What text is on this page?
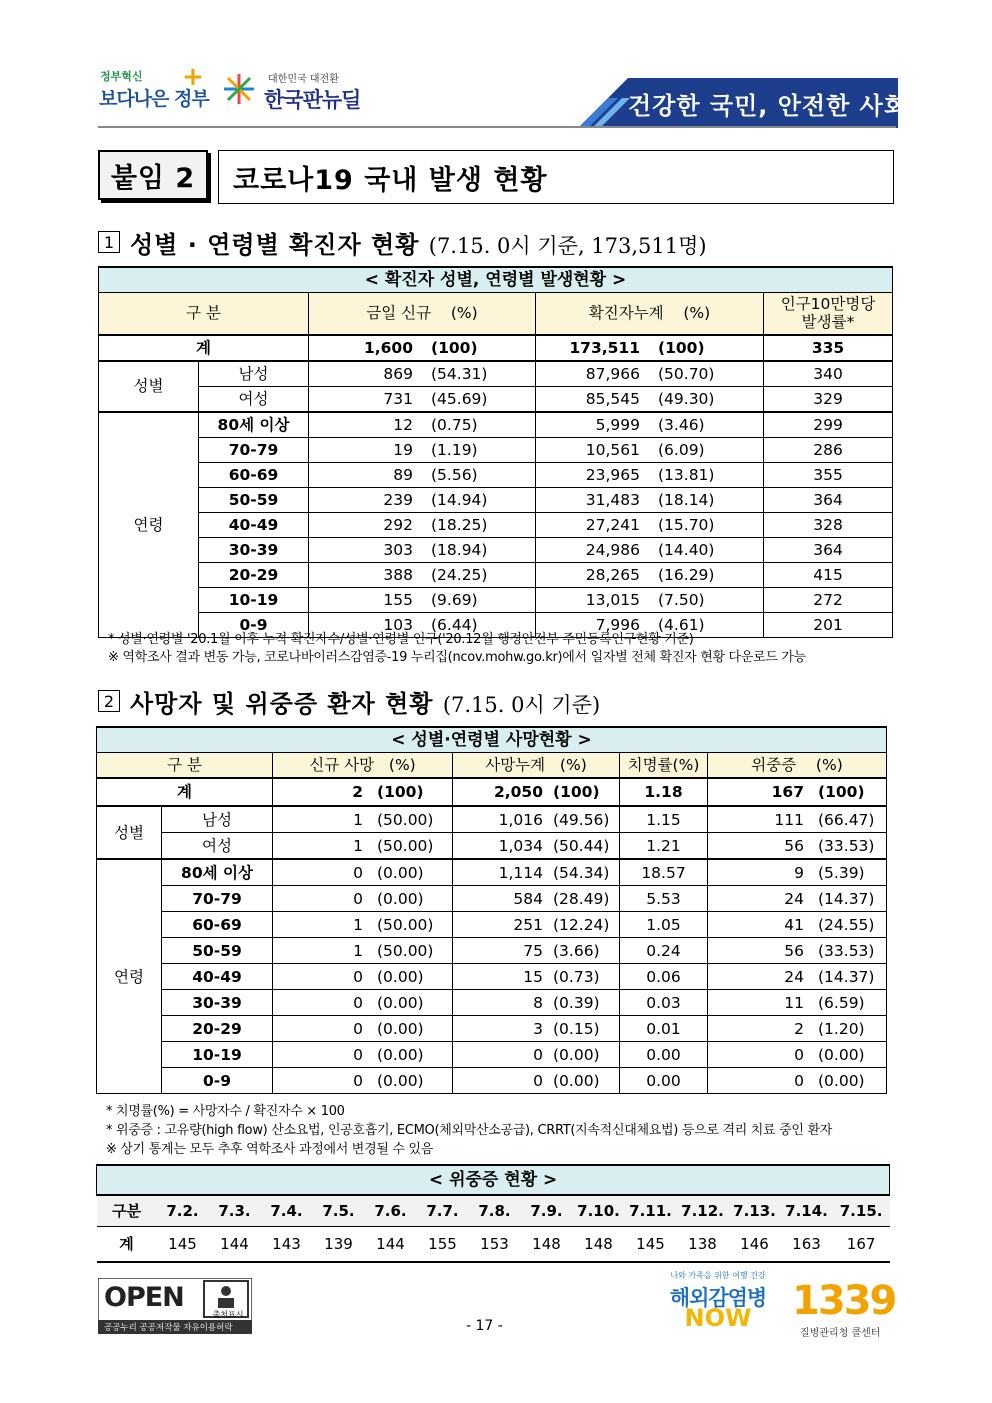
정부혁신
보다나은 정부
+	대한민국 대전환
한국판뉴딜	건강한 국민, 안전한 사회
붙임 2	코로나19 국내 발생 현황
1 성별 · 연령별 확진자 현황 (7.15. 0시 기준, 173,511명)
< 확진자 성별, 연령별 발생현황 >				
구 분		금일 신규 (%)	확진자누계 (%)	인구10만명당
발생률*
계		1,600 (100)	173,511 (100)	335
성별	남성	869 (54.31)	87,966 (50.70)	340
	여성	731 (45.69)	85,545 (49.30)	329
연령	80세 이상	12 (0.75)	5,999 (3.46)	299
	70-79	19 (1.19)	10,561 (6.09)	286
	60-69	89 (5.56)	23,965 (13.81)	355
	50-59	239 (14.94)	31,483 (18.14)	364
	40-49	292 (18.25)	27,241 (15.70)	328
	30-39	303 (18.94)	24,986 (14.40)	364
	20-29	388 (24.25)	28,265 (16.29)	415
	10-19	155 (9.69)	13,015 (7.50)	272
	0-9	103 (6.44)	7,996 (4.61)	201
* 성별·연령별 '20.1월 이후 누적 확진자수/성별·연령별 인구('20.12월 행정안전부 주민등록인구현황 기준)
※ 역학조사 결과 변동 가능, 코로나바이러스감염증-19 누리집(ncov.mohw.go.kr)에서 일자별 전체 확진자 현황 다운로드 가능
2 사망자 및 위중증 환자 현황 (7.15. 0시 기준)
< 성별·연령별 사망현황 >					
구 분		신규 사망 (%)	사망누계 (%)	치명률(%)	위중증 (%)
계		2 (100)	2,050 (100)	1.18	167 (100)
성별	남성	1 (50.00)	1,016 (49.56)	1.15	111 (66.47)
	여성	1 (50.00)	1,034 (50.44)	1.21	56 (33.53)
연령	80세 이상	0 (0.00)	1,114 (54.34)	18.57	9 (5.39)
	70-79	0 (0.00)	584 (28.49)	5.53	24 (14.37)
	60-69	1 (50.00)	251 (12.24)	1.05	41 (24.55)
	50-59	1 (50.00)	75 (3.66)	0.24	56 (33.53)
	40-49	0 (0.00)	15 (0.73)	0.06	24 (14.37)
	30-39	0 (0.00)	8 (0.39)	0.03	11 (6.59)
	20-29	0 (0.00)	3 (0.15)	0.01	2 (1.20)
	10-19	0 (0.00)	0 (0.00)	0.00	0 (0.00)
	0-9	0 (0.00)	0 (0.00)	0.00	0 (0.00)
* 치명률(%) = 사망자수 / 확진자수 × 100
* 위중증 : 고유량(high flow) 산소요법, 인공호흡기, ECMO(체외막산소공급), CRRT(지속적신대체요법) 등으로 격리 치료 중인 환자
※ 상기 통계는 모두 추후 역학조사 과정에서 변경될 수 있음
< 위중증 현황 >														
구분	7.2.	7.3.	7.4.	7.5.	7.6.	7.7.	7.8.	7.9.	7.10.	7.11.	7.12.	7.13.	7.14.	7.15.
계	145	144	143	139	144	155	153	148	148	145	138	146	163	167
OPEN
출처표시
공공누리 공공저작물 자유이용허락	- 17 -
나와 가족을 위한 여행 건강
해외감염병
NOW	1339
질병관리청 콜센터
